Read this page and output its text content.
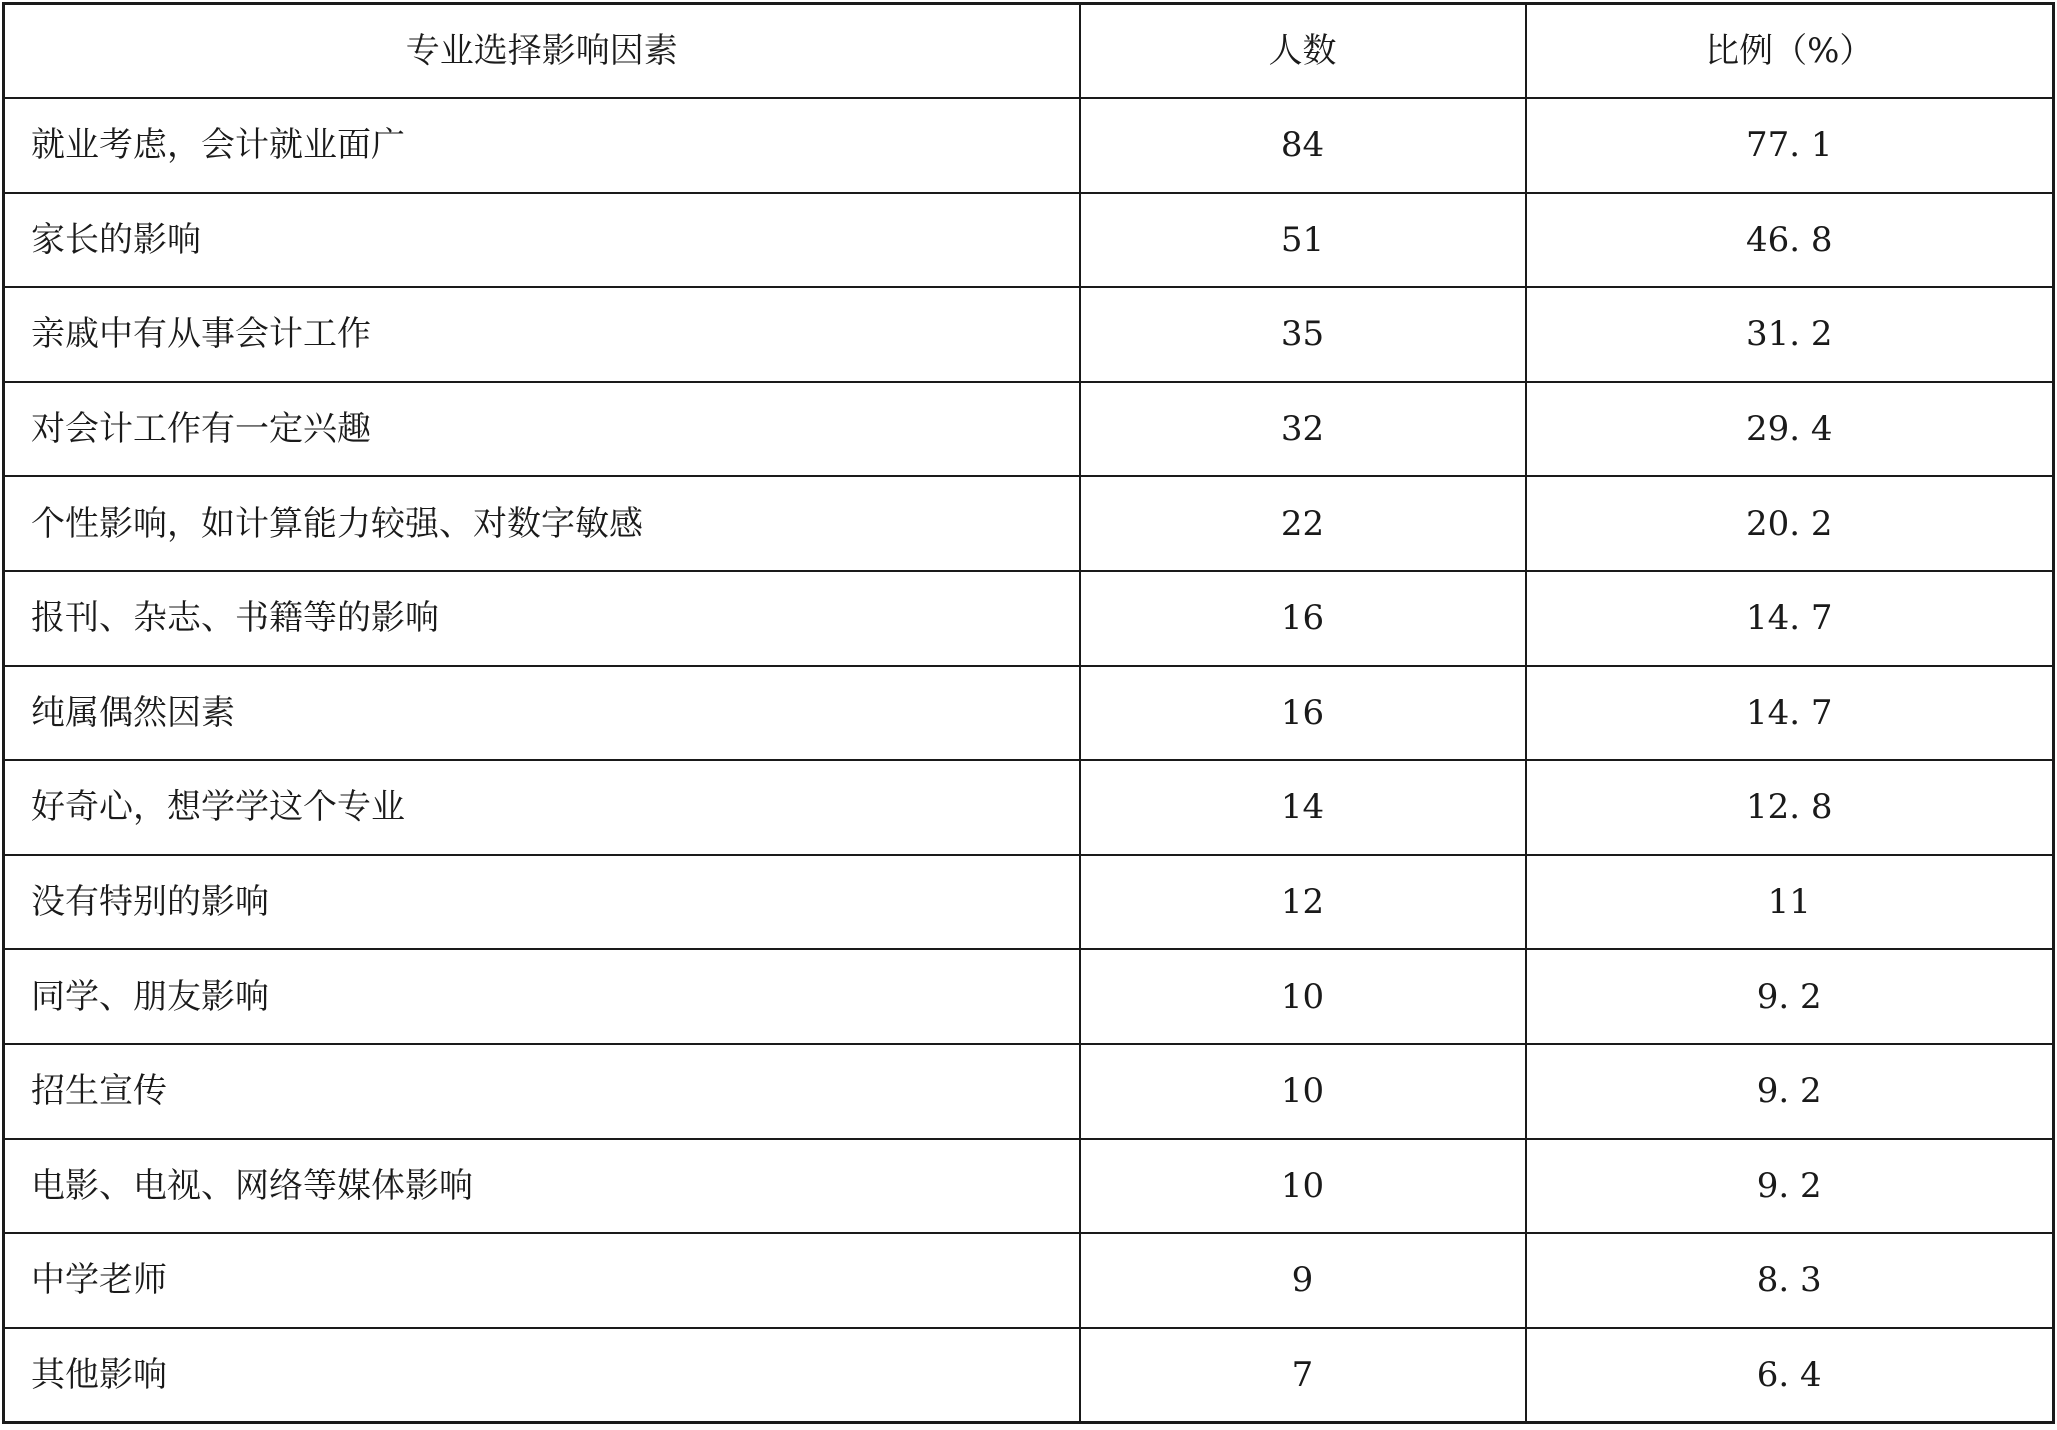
专业选择影响因素	人数	比例（%）
就业考虑，会计就业面广	84	77. 1
家长的影响	51	46. 8
亲戚中有从事会计工作	35	31. 2
对会计工作有一定兴趣	32	29. 4
个性影响，如计算能力较强、对数字敏感	22	20. 2
报刊、杂志、书籍等的影响	16	14. 7
纯属偶然因素	16	14. 7
好奇心，想学学这个专业	14	12. 8
没有特别的影响	12	11
同学、朋友影响	10	9. 2
招生宣传	10	9. 2
电影、电视、网络等媒体影响	10	9. 2
中学老师	9	8. 3
其他影响	7	6. 4
